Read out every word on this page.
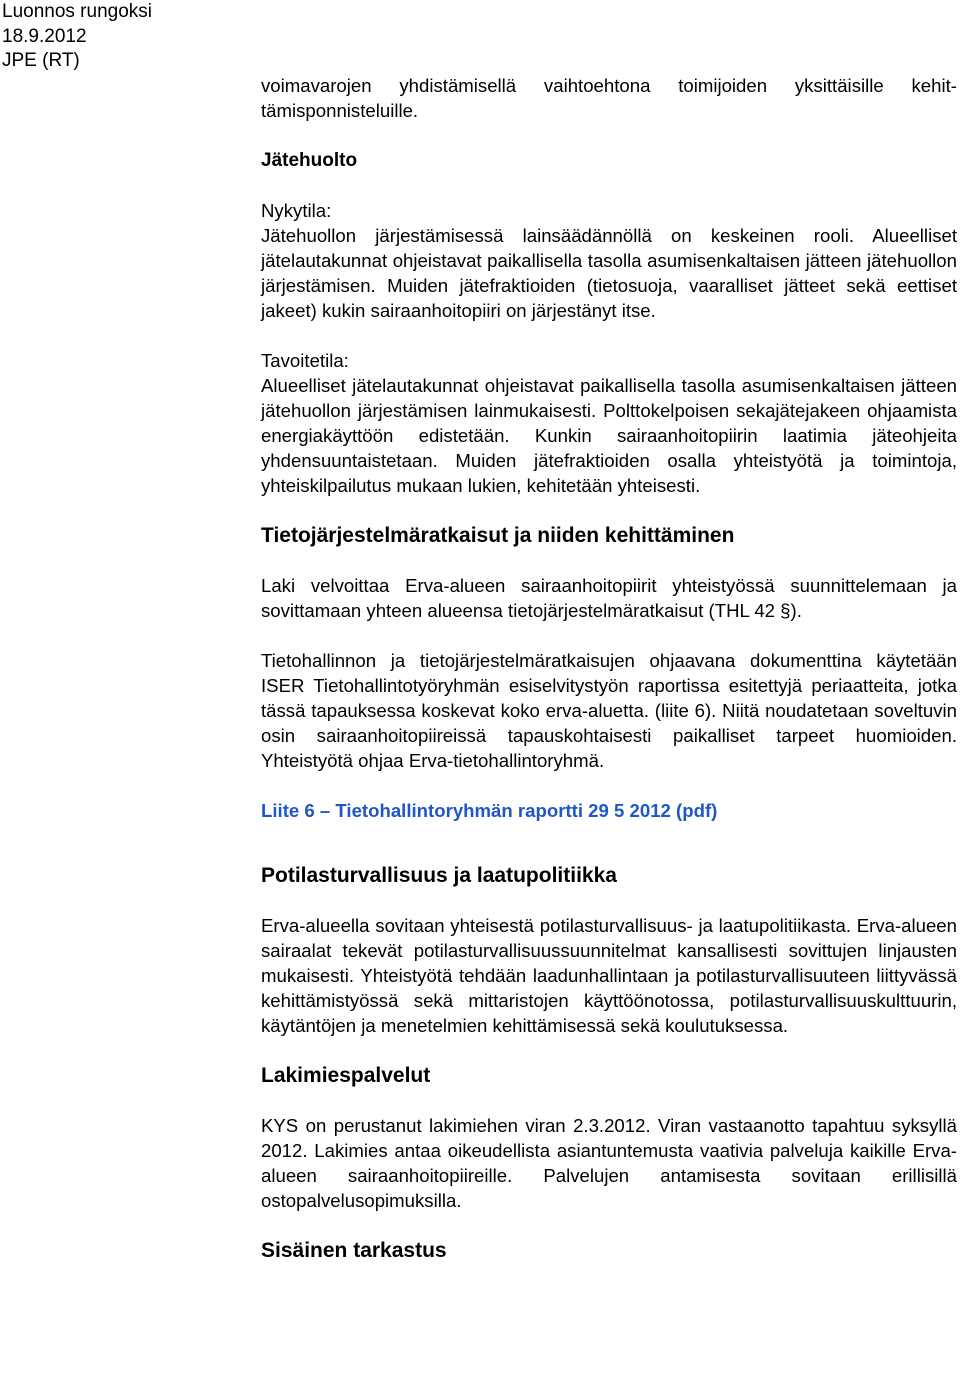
Luonnos rungoksi
18.9.2012
JPE (RT)

voimavarojen yhdistämisellä vaihtoehtona toimijoiden yksittäisille kehittämisponnisteluille.

Jätehuolto

Nykytila:

Jätehuollon järjestämisessä lainsäädännöllä on keskeinen rooli. Alueelliset jätelautakunnat ohjeistavat paikallisella tasolla asumisenkaltaisen jätteen jätehuollon järjestämisen. Muiden jätefraktioiden (tietosuoja, vaaralliset jätteet sekä eettiset jakeet) kukin sairaanhoitopiiri on järjestänyt itse.

Tavoitetila:

Alueelliset jätelautakunnat ohjeistavat paikallisella tasolla asumisenkaltaisen jätteen jätehuollon järjestämisen lainmukaisesti. Polttokelpoisen sekajätejakeen ohjaamista energiakäyttöön edistetään. Kunkin sairaanhoitopiirin laatimia jäteohjeita yhdensuuntaistetaan. Muiden jätefraktioiden osalla yhteistyötä ja toimintoja, yhteiskilpailutus mukaan lukien, kehitetään yhteisesti.

Tietojärjestelmäratkaisut ja niiden kehittäminen

Laki velvoittaa Erva-alueen sairaanhoitopiirit yhteistyössä suunnittelemaan ja sovittamaan yhteen alueensa tietojärjestelmäratkaisut (THL 42 §).

Tietohallinnon ja tietojärjestelmäratkaisujen ohjaavana dokumenttina käytetään ISER Tietohallintotyöryhmän esiselvitystyön raportissa esitettyjä periaatteita, jotka tässä tapauksessa koskevat koko erva-aluetta. (liite 6). Niitä noudatetaan soveltuvin osin sairaanhoitopiireissä tapauskohtaisesti paikalliset tarpeet huomioiden. Yhteistyötä ohjaa Erva-tietohallintoryhmä.

Liite 6 – Tietohallintoryhmän raportti 29 5 2012 (pdf)
Potilasturvallisuus ja laatupolitiikka

Erva-alueella sovitaan yhteisestä potilasturvallisuus- ja laatupolitiikasta. Erva-alueen sairaalat tekevät potilasturvallisuussuunnitelmat kansallisesti sovittujen linjausten mukaisesti. Yhteistyötä tehdään laadunhallintaan ja potilasturvallisuuteen liittyvässä kehittämistyössä sekä mittaristojen käyttöönotossa, potilasturvallisuuskulttuurin, käytäntöjen ja menetelmien kehittämisessä sekä koulutuksessa.

Lakimiespalvelut

KYS on perustanut lakimiehen viran 2.3.2012. Viran vastaanotto tapahtuu syksyllä 2012. Lakimies antaa oikeudellista asiantuntemusta vaativia palveluja kaikille Erva-alueen sairaanhoitopiireille. Palvelujen antamisesta sovitaan erillisillä ostopalvelusopimuksilla.

Sisäinen tarkastus
